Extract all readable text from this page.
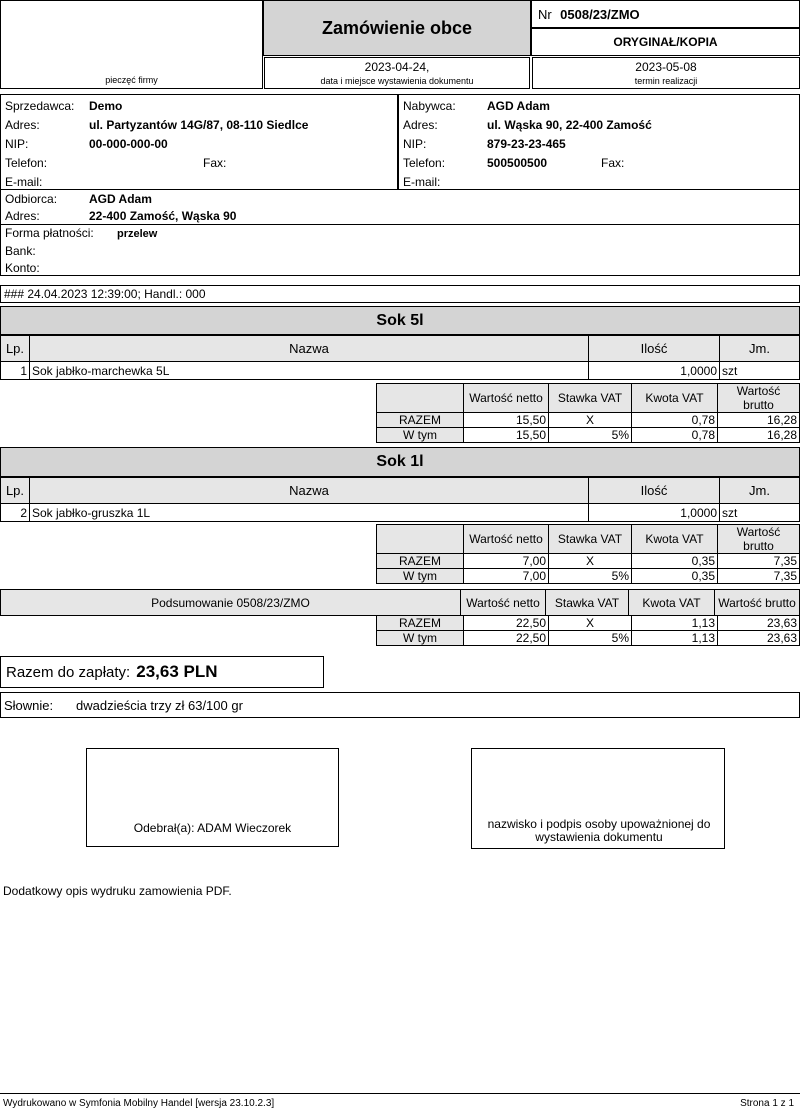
pieczęć firmy
Zamówienie obce
Nr 0508/23/ZMO
ORYGINAŁ/KOPIA
2023-04-24,
data i miejsce wystawienia dokumentu
2023-05-08
termin realizacji
Sprzedawca: Demo
Adres:	ul. Partyzantów 14G/87, 08-110 Siedlce
NIP:	00-000-000-00
Telefon:	Fax:
E-mail:
Nabywca:	AGD Adam
Adres:	ul. Wąska 90, 22-400 Zamość
NIP:	879-23-23-465
Telefon:	500500500	Fax:
E-mail:
Odbiorca:	AGD Adam
Adres:	22-400 Zamość, Wąska 90
Forma płatności: przelew
Bank:
Konto:
### 24.04.2023 12:39:00; Handl.: 000
Sok 5l
Lp.	Nazwa	Ilość	Jm.
1	Sok jabłko-marchewka 5L	1,0000	szt
	Wartość netto	Stawka VAT	Kwota VAT	Wartość brutto
RAZEM	15,50	X	0,78	16,28
W tym	15,50	5%	0,78	16,28
Sok 1l
Lp.	Nazwa	Ilość	Jm.
2	Sok jabłko-gruszka 1L	1,0000	szt
	Wartość netto	Stawka VAT	Kwota VAT	Wartość brutto
RAZEM	7,00	X	0,35	7,35
W tym	7,00	5%	0,35	7,35
Podsumowanie 0508/23/ZMO	Wartość netto	Stawka VAT	Kwota VAT	Wartość brutto
RAZEM	22,50	X	1,13	23,63
W tym	22,50	5%	1,13	23,63
Razem do zapłaty: 23,63 PLN
Słownie:	dwadzieścia trzy zł 63/100 gr
Odebrał(a): ADAM Wieczorek	nazwisko i podpis osoby upoważnionej do wystawienia dokumentu
Dodatkowy opis wydruku zamowienia PDF.
Wydrukowano w Symfonia Mobilny Handel [wersja 23.10.2.3]	Strona 1 z 1
